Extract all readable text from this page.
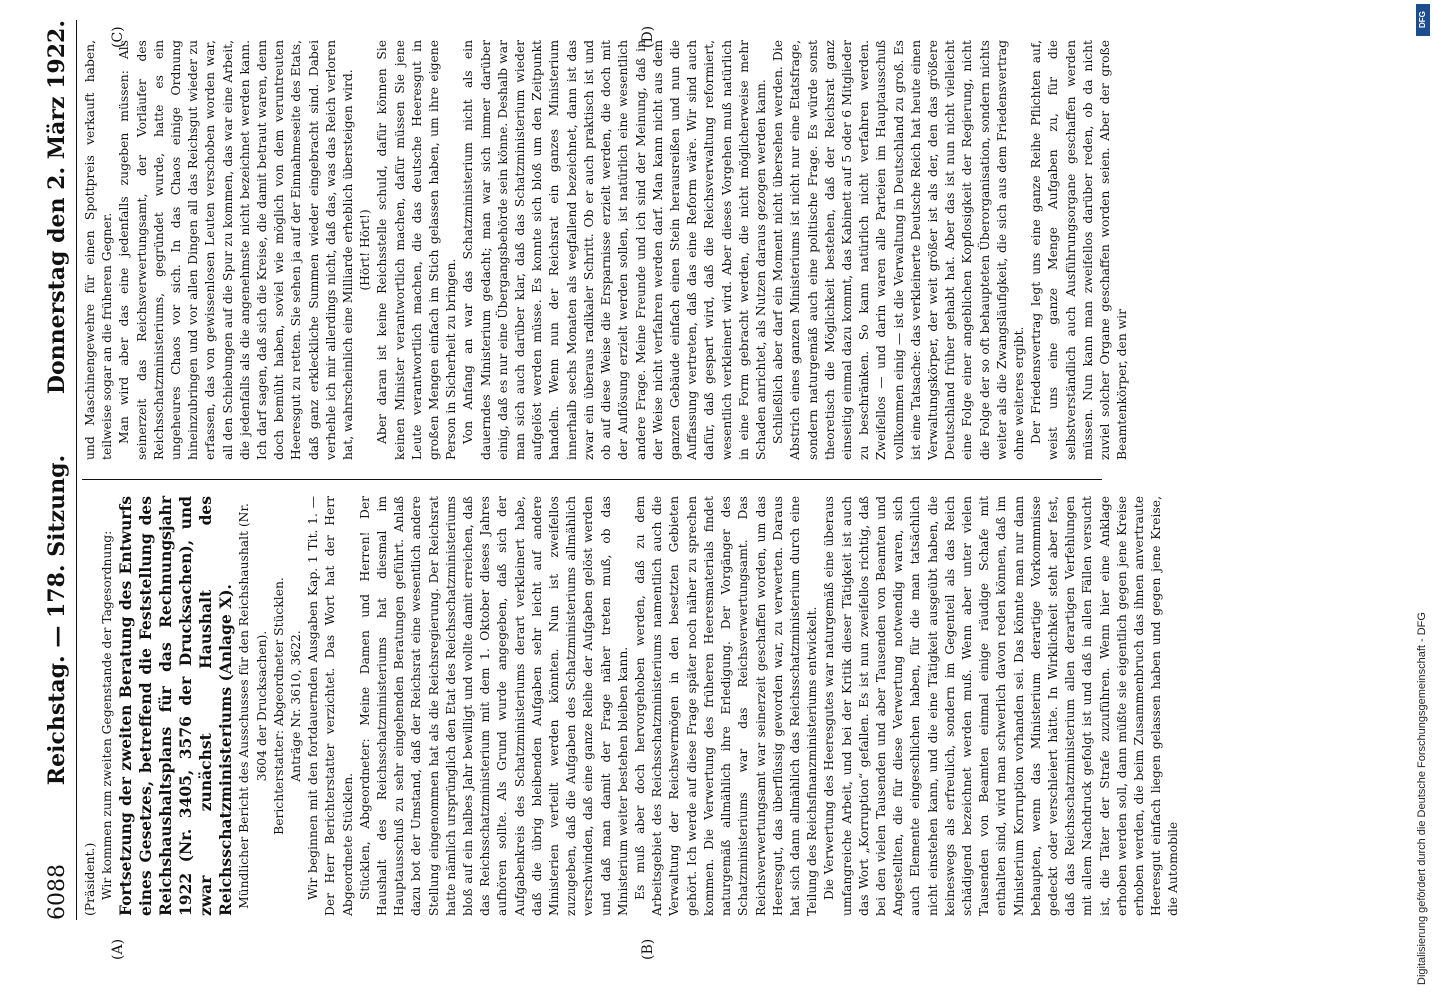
6088
Reichstag. — 178. Sitzung.
Donnerstag den 2. März 1922.
(A)	(B)
(C)	(D)

(Präsident.) Wir kommen zum zweiten Gegenstande der Tagesordnung: Fortsetzung der zweiten Beratung des Entwurfs eines Gesetzes, betreffend die Feststellung des Reichshaushaltsplans für das Rechnungsjahr 1922 (Nr. 3405, 3576 der Drucksachen), und zwar zunächst Haushalt des Reichsschatzministeriums (Anlage X). Mündlicher Bericht des Ausschusses für den Reichshaushalt (Nr. 3604 der Drucksachen). Berichterstatter: Abgeordneter Stücklen. Anträge Nr. 3610, 3622. Wir beginnen mit den fortdauernden Ausgaben Kap. 1 Tit. 1. — Der Herr Berichterstatter verzichtet. Das Wort hat der Herr Abgeordnete Stücklen. Stücklen, Abgeordneter: Meine Damen und Herren! Der Haushalt des Reichsschatzministeriums hat diesmal im Hauptausschuß zu sehr eingehenden Beratungen geführt. Anlaß dazu bot der Umstand, daß der Reichsrat eine wesentlich andere Stellung eingenommen hat als die Reichsregierung. Der Reichsrat hatte nämlich ursprünglich den Etat des Reichsschatzministeriums bloß auf ein halbes Jahr bewilligt und wollte damit erreichen, daß das Reichsschatzministerium mit dem 1. Oktober dieses Jahres aufhören sollte. Als Grund wurde angegeben, daß sich der Aufgabenkreis des Schatzministeriums derart verkleinert habe, daß die übrig bleibenden Aufgaben sehr leicht auf andere Ministerien verteilt werden könnten. Nun ist zweifellos zuzugeben, daß die Aufgaben des Schatzministeriums allmählich verschwinden, daß eine ganze Reihe der Aufgaben gelöst werden und daß man damit der Frage näher treten muß, ob das Ministerium weiter bestehen bleiben kann. Es muß aber doch hervorgehoben werden, daß zu dem Arbeitsgebiet des Reichsschatzministeriums namentlich auch die Verwaltung der Reichsvermögen in den besetzten Gebieten gehört. Ich werde auf diese Frage später noch näher zu sprechen kommen. Die Verwertung des früheren Heeresmaterials findet naturgemäß allmählich ihre Erledigung. Der Vorgänger des Schatzministeriums war das Reichsverwertungsamt. Das Reichsverwertungsamt war seinerzeit geschaffen worden, um das Heeresgut, das überflüssig geworden war, zu verwerten. Daraus hat sich dann allmählich das Reichsschatzministerium durch eine Teilung des Reichsfinanzministeriums entwickelt. Die Verwertung des Heeresgutes war naturgemäß eine überaus umfangreiche Arbeit, und bei der Kritik dieser Tätigkeit ist auch das Wort „Korruption“ gefallen. Es ist nun zweifellos richtig, daß bei den vielen Tausenden und aber Tausenden von Beamten und Angestellten, die für diese Verwertung notwendig waren, sich auch Elemente eingeschlichen haben, für die man tatsächlich nicht einstehen kann, und die eine Tätigkeit ausgeübt haben, die keineswegs als erfreulich, sondern im Gegenteil als das Reich schädigend bezeichnet werden muß. Wenn aber unter vielen Tausenden von Beamten einmal einige räudige Schafe mit enthalten sind, wird man schwerlich davon reden können, daß im Ministerium Korruption vorhanden sei. Das könnte man nur dann behaupten, wenn das Ministerium derartige Vorkommnisse gedeckt oder verschleiert hätte. In Wirklichkeit steht aber fest, daß das Reichsschatzministerium allen derartigen Verfehlungen mit allem Nachdruck gefolgt ist und daß in allen Fällen versucht ist, die Täter der Strafe zuzuführen. Wenn hier eine Anklage erhoben werden soll, dann müßte sie eigentlich gegen jene Kreise erhoben werden, die beim Zusammenbruch das ihnen anvertraute Heeresgut einfach liegen gelassen haben und gegen jene Kreise, die Automobile

und Maschinengewehre für einen Spottpreis verkauft haben, teilweise sogar an die früheren Gegner. Man wird aber das eine jedenfalls zugeben müssen: Als seinerzeit das Reichsverwertungsamt, der Vorläufer des Reichsschatzministeriums, gegründet wurde, hatte es ein ungeheures Chaos vor sich. In das Chaos einige Ordnung hineinzubringen und vor allen Dingen all das Reichsgut wieder zu erfassen, das von gewissenlosen Leuten verschoben worden war, all den Schiebungen auf die Spur zu kommen, das war eine Arbeit, die jedenfalls als die angenehmste nicht bezeichnet werden kann. Ich darf sagen, daß sich die Kreise, die damit betraut waren, denn doch bemüht haben, soviel wie möglich von dem veruntreuten Heeresgut zu retten. Sie sehen ja auf der Einnahmeseite des Etats, daß ganz erkleckliche Summen wieder eingebracht sind. Dabei verhehle ich mir allerdings nicht, daß das, was das Reich verloren hat, wahrscheinlich eine Milliarde erheblich übersteigen wird. (Hört! Hört!) Aber daran ist keine Reichsstelle schuld, dafür können Sie keinen Minister verantwortlich machen, dafür müssen Sie jene Leute verantwortlich machen, die das deutsche Heeresgut in großen Mengen einfach im Stich gelassen haben, um ihre eigene Person in Sicherheit zu bringen. Von Anfang an war das Schatzministerium nicht als ein dauerndes Ministerium gedacht; man war sich immer darüber einig, daß es nur eine Übergangsbehörde sein könne. Deshalb war man sich auch darüber klar, daß das Schatzministerium wieder aufgelöst werden müsse. Es konnte sich bloß um den Zeitpunkt handeln. Wenn nun der Reichsrat ein ganzes Ministerium innerhalb sechs Monaten als wegfallend bezeichnet, dann ist das zwar ein überaus radikaler Schritt. Ob er auch praktisch ist und ob auf diese Weise die Ersparnisse erzielt werden, die doch mit der Auflösung erzielt werden sollen, ist natürlich eine wesentlich andere Frage. Meine Freunde und ich sind der Meinung, daß in der Weise nicht verfahren werden darf. Man kann nicht aus dem ganzen Gebäude einfach einen Stein herausreißen und nun die Auffassung vertreten, daß das eine Reform wäre. Wir sind auch dafür, daß gespart wird, daß die Reichsverwaltung reformiert, wesentlich verkleinert wird. Aber dieses Vorgehen muß natürlich in eine Form gebracht werden, die nicht möglicherweise mehr Schaden anrichtet, als Nutzen daraus gezogen werden kann. Schließlich aber darf ein Moment nicht übersehen werden. Die Abstrich eines ganzen Ministeriums ist nicht nur eine Etatsfrage, sondern naturgemäß auch eine politische Frage. Es würde sonst theoretisch die Möglichkeit bestehen, daß der Reichsrat ganz einseitig einmal dazu kommt, das Kabinett auf 5 oder 6 Mitglieder zu beschränken. So kann natürlich nicht verfahren werden. Zweifellos — und darin waren alle Parteien im Hauptausschuß vollkommen einig — ist die Verwaltung in Deutschland zu groß. Es ist eine Tatsache: das verkleinerte Deutsche Reich hat heute einen Verwaltungskörper, der weit größer ist als der, den das größere Deutschland früher gehabt hat. Aber das ist nun nicht vielleicht eine Folge einer angeblichen Kopflosigkeit der Regierung, nicht die Folge der so oft behaupteten Überorganisation, sondern nichts weiter als die Zwangsläufigkeit, die sich aus dem Friedensvertrag ohne weiteres ergibt. Der Friedensvertrag legt uns eine ganze Reihe Pflichten auf, weist uns eine ganze Menge Aufgaben zu, für die selbstverständlich auch Ausführungsorgane geschaffen werden müssen. Nun kann man zweifellos darüber reden, ob da nicht zuviel solcher Organe geschaffen worden seien. Aber der große Beamtenkörper, den wir

DFG
Digitalisierung gefördert durch die Deutsche Forschungsgemeinschaft - DFG
